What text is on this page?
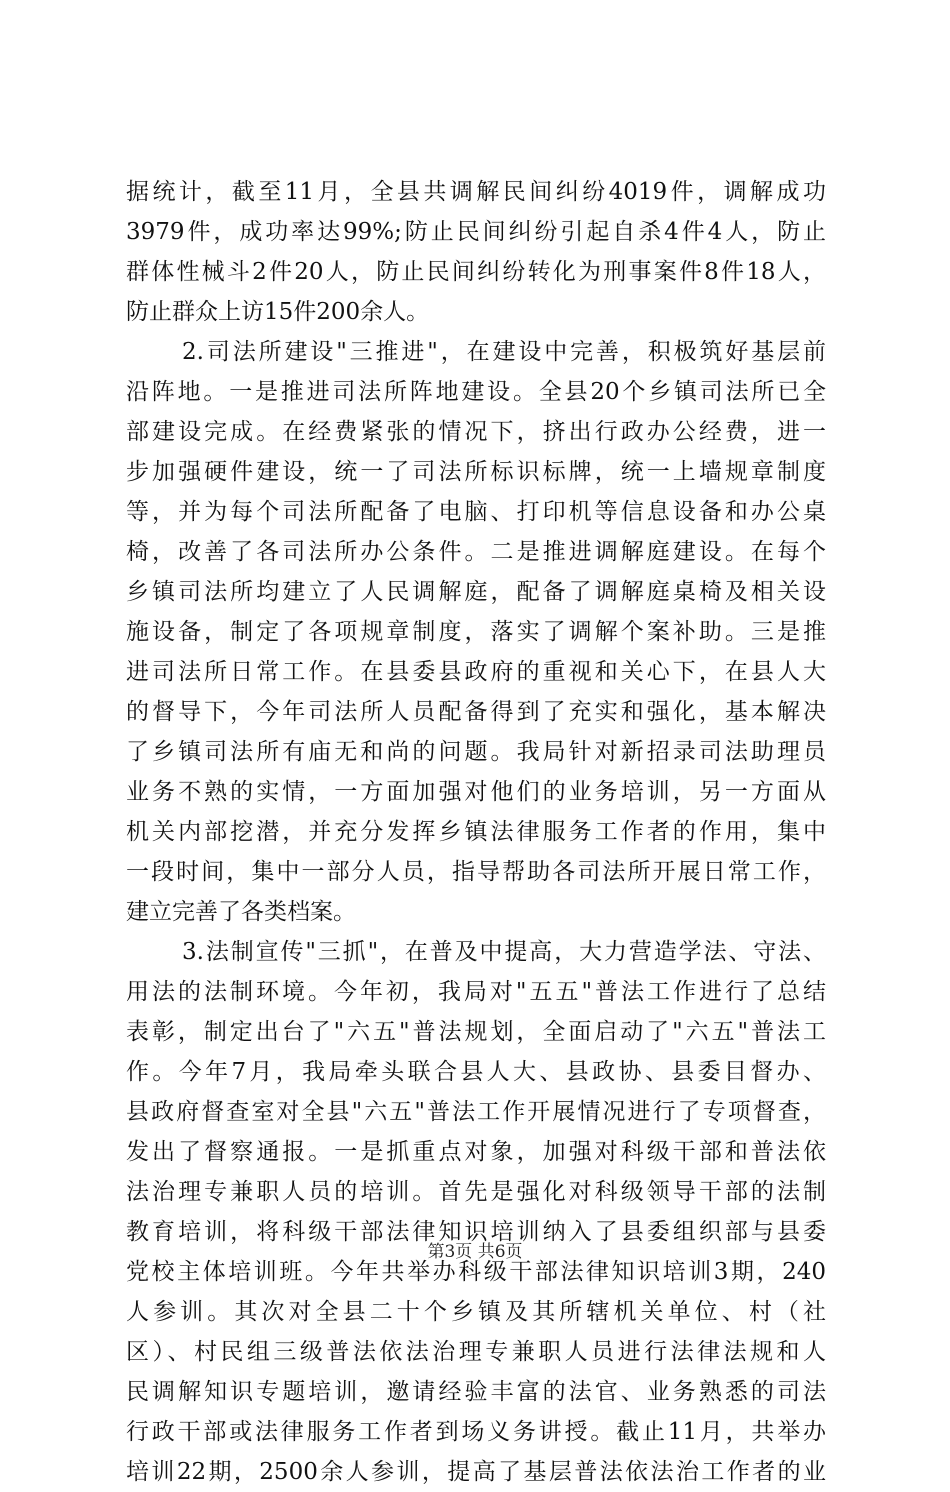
据统计，截至11月，全县共调解民间纠纷4019件，调解成功
3979件，成功率达99%;防止民间纠纷引起自杀4件4人，防止
群体性械斗2件20人，防止民间纠纷转化为刑事案件8件18人，
防止群众上访15件200余人。
2.司法所建设"三推进"，在建设中完善，积极筑好基层前
沿阵地。一是推进司法所阵地建设。全县20个乡镇司法所已全
部建设完成。在经费紧张的情况下，挤出行政办公经费，进一
步加强硬件建设，统一了司法所标识标牌，统一上墙规章制度
等，并为每个司法所配备了电脑、打印机等信息设备和办公桌
椅，改善了各司法所办公条件。二是推进调解庭建设。在每个
乡镇司法所均建立了人民调解庭，配备了调解庭桌椅及相关设
施设备，制定了各项规章制度，落实了调解个案补助。三是推
进司法所日常工作。在县委县政府的重视和关心下，在县人大
的督导下，今年司法所人员配备得到了充实和强化，基本解决
了乡镇司法所有庙无和尚的问题。我局针对新招录司法助理员
业务不熟的实情，一方面加强对他们的业务培训，另一方面从
机关内部挖潜，并充分发挥乡镇法律服务工作者的作用，集中
一段时间，集中一部分人员，指导帮助各司法所开展日常工作，
建立完善了各类档案。
3.法制宣传"三抓"，在普及中提高，大力营造学法、守法、
用法的法制环境。今年初，我局对"五五"普法工作进行了总结
表彰，制定出台了"六五"普法规划，全面启动了"六五"普法工
作。今年7月，我局牵头联合县人大、县政协、县委目督办、
县政府督查室对全县"六五"普法工作开展情况进行了专项督查，
发出了督察通报。一是抓重点对象，加强对科级干部和普法依
法治理专兼职人员的培训。首先是强化对科级领导干部的法制
教育培训，将科级干部法律知识培训纳入了县委组织部与县委
党校主体培训班。今年共举办科级干部法律知识培训3期，240
人参训。其次对全县二十个乡镇及其所辖机关单位、村（社
区）、村民组三级普法依法治理专兼职人员进行法律法规和人
民调解知识专题培训，邀请经验丰富的法官、业务熟悉的司法
行政干部或法律服务工作者到场义务讲授。截止11月，共举办
培训22期，2500余人参训，提高了基层普法依法治工作者的业
第3页 共6页
